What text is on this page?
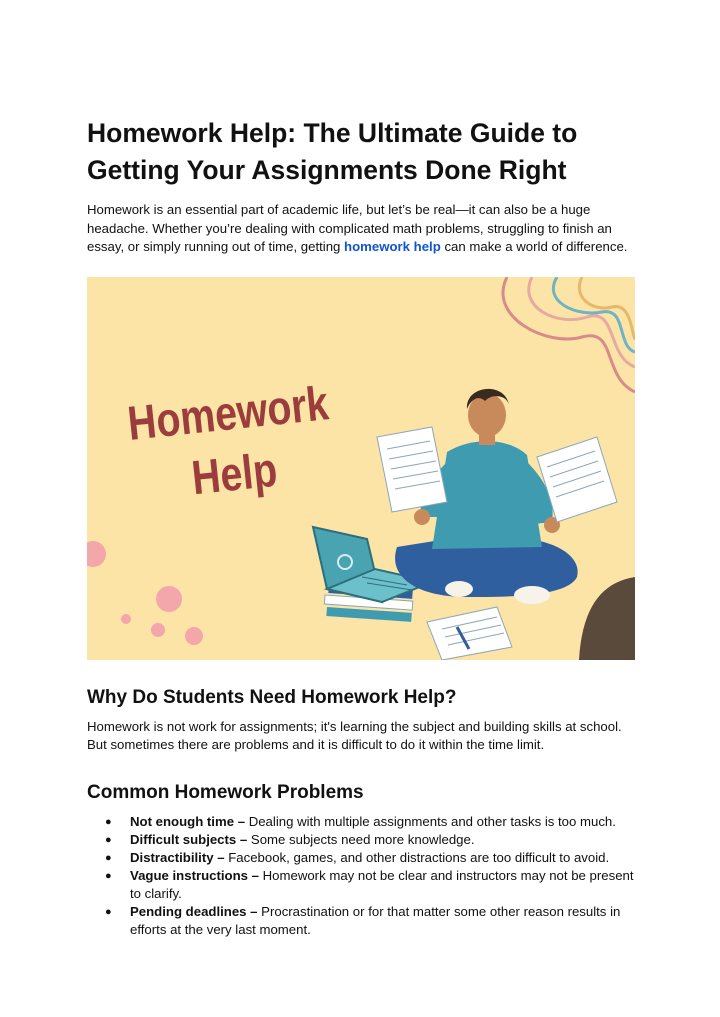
Homework Help: The Ultimate Guide to Getting Your Assignments Done Right

Homework is an essential part of academic life, but let’s be real—it can also be a huge headache. Whether you’re dealing with complicated math problems, struggling to finish an essay, or simply running out of time, getting homework help can make a world of difference.

Homework
Help
Why Do Students Need Homework Help?

Homework is not work for assignments; it's learning the subject and building skills at school. But sometimes there are problems and it is difficult to do it within the time limit.

Common Homework Problems
● Not enough time – Dealing with multiple assignments and other tasks is too much.
● Difficult subjects – Some subjects need more knowledge.
● Distractibility – Facebook, games, and other distractions are too difficult to avoid.
● Vague instructions – Homework may not be clear and instructors may not be present to clarify.
● Pending deadlines – Procrastination or for that matter some other reason results in efforts at the very last moment.
